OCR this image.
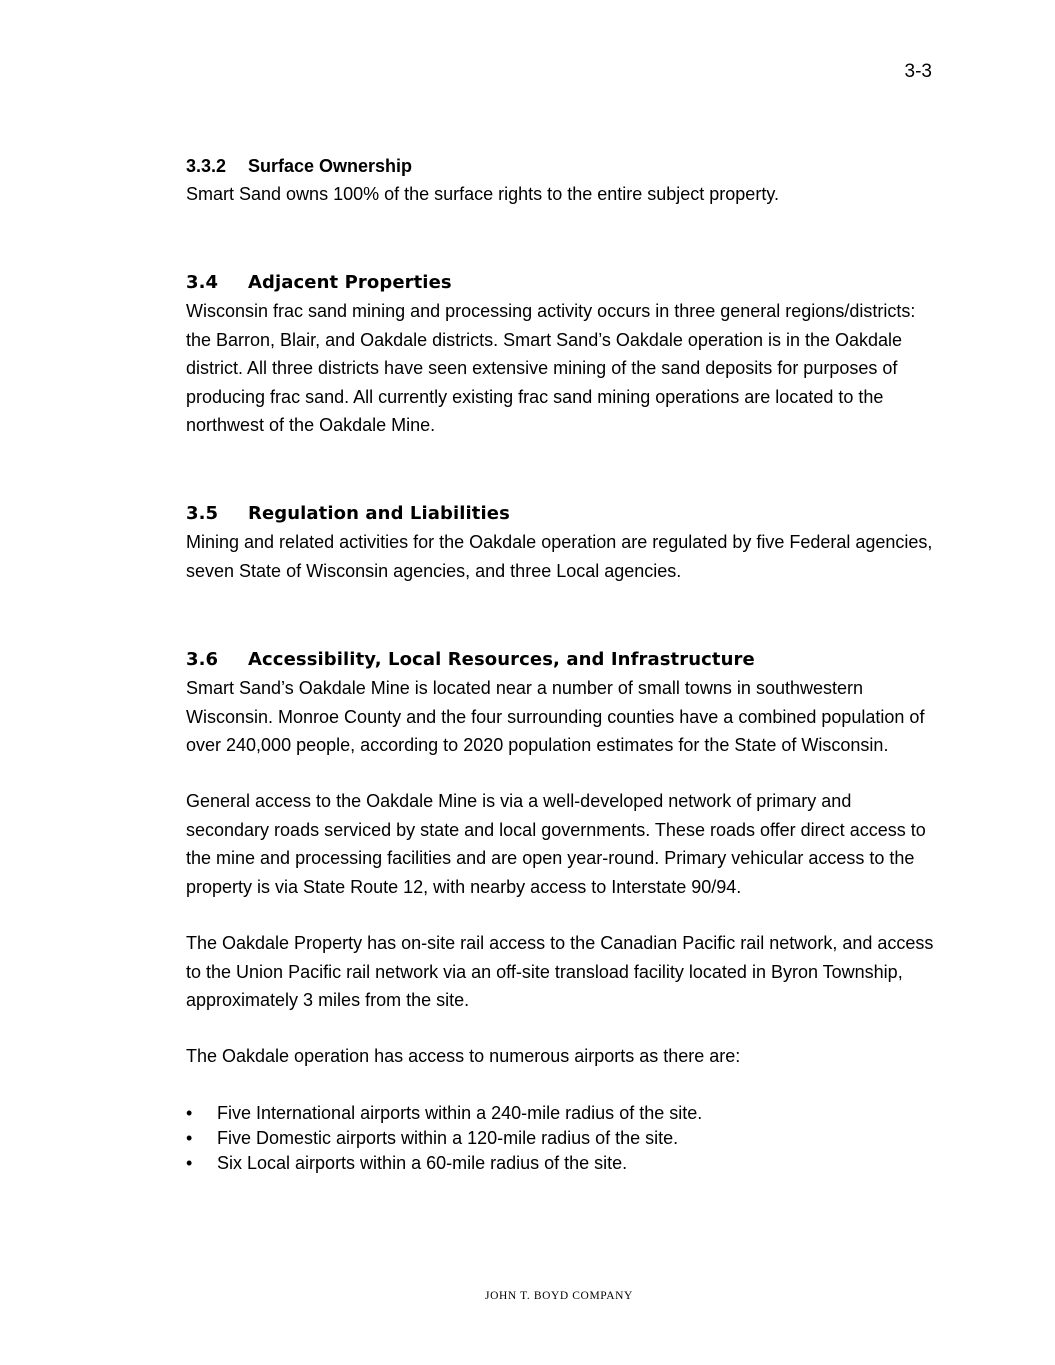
3-3
3.3.2 Surface Ownership

Smart Sand owns 100% of the surface rights to the entire subject property.

3.4 Adjacent Properties

Wisconsin frac sand mining and processing activity occurs in three general regions/districts: the Barron, Blair, and Oakdale districts. Smart Sand’s Oakdale operation is in the Oakdale district. All three districts have seen extensive mining of the sand deposits for purposes of producing frac sand. All currently existing frac sand mining operations are located to the northwest of the Oakdale Mine.

3.5 Regulation and Liabilities

Mining and related activities for the Oakdale operation are regulated by five Federal agencies, seven State of Wisconsin agencies, and three Local agencies.

3.6 Accessibility, Local Resources, and Infrastructure

Smart Sand’s Oakdale Mine is located near a number of small towns in southwestern Wisconsin. Monroe County and the four surrounding counties have a combined population of over 240,000 people, according to 2020 population estimates for the State of Wisconsin.

General access to the Oakdale Mine is via a well-developed network of primary and secondary roads serviced by state and local governments. These roads offer direct access to the mine and processing facilities and are open year-round. Primary vehicular access to the property is via State Route 12, with nearby access to Interstate 90/94.

The Oakdale Property has on-site rail access to the Canadian Pacific rail network, and access to the Union Pacific rail network via an off-site transload facility located in Byron Township, approximately 3 miles from the site.

The Oakdale operation has access to numerous airports as there are:

• Five International airports within a 240-mile radius of the site.
• Five Domestic airports within a 120-mile radius of the site.
• Six Local airports within a 60-mile radius of the site.
JOHN T. BOYD COMPANY
